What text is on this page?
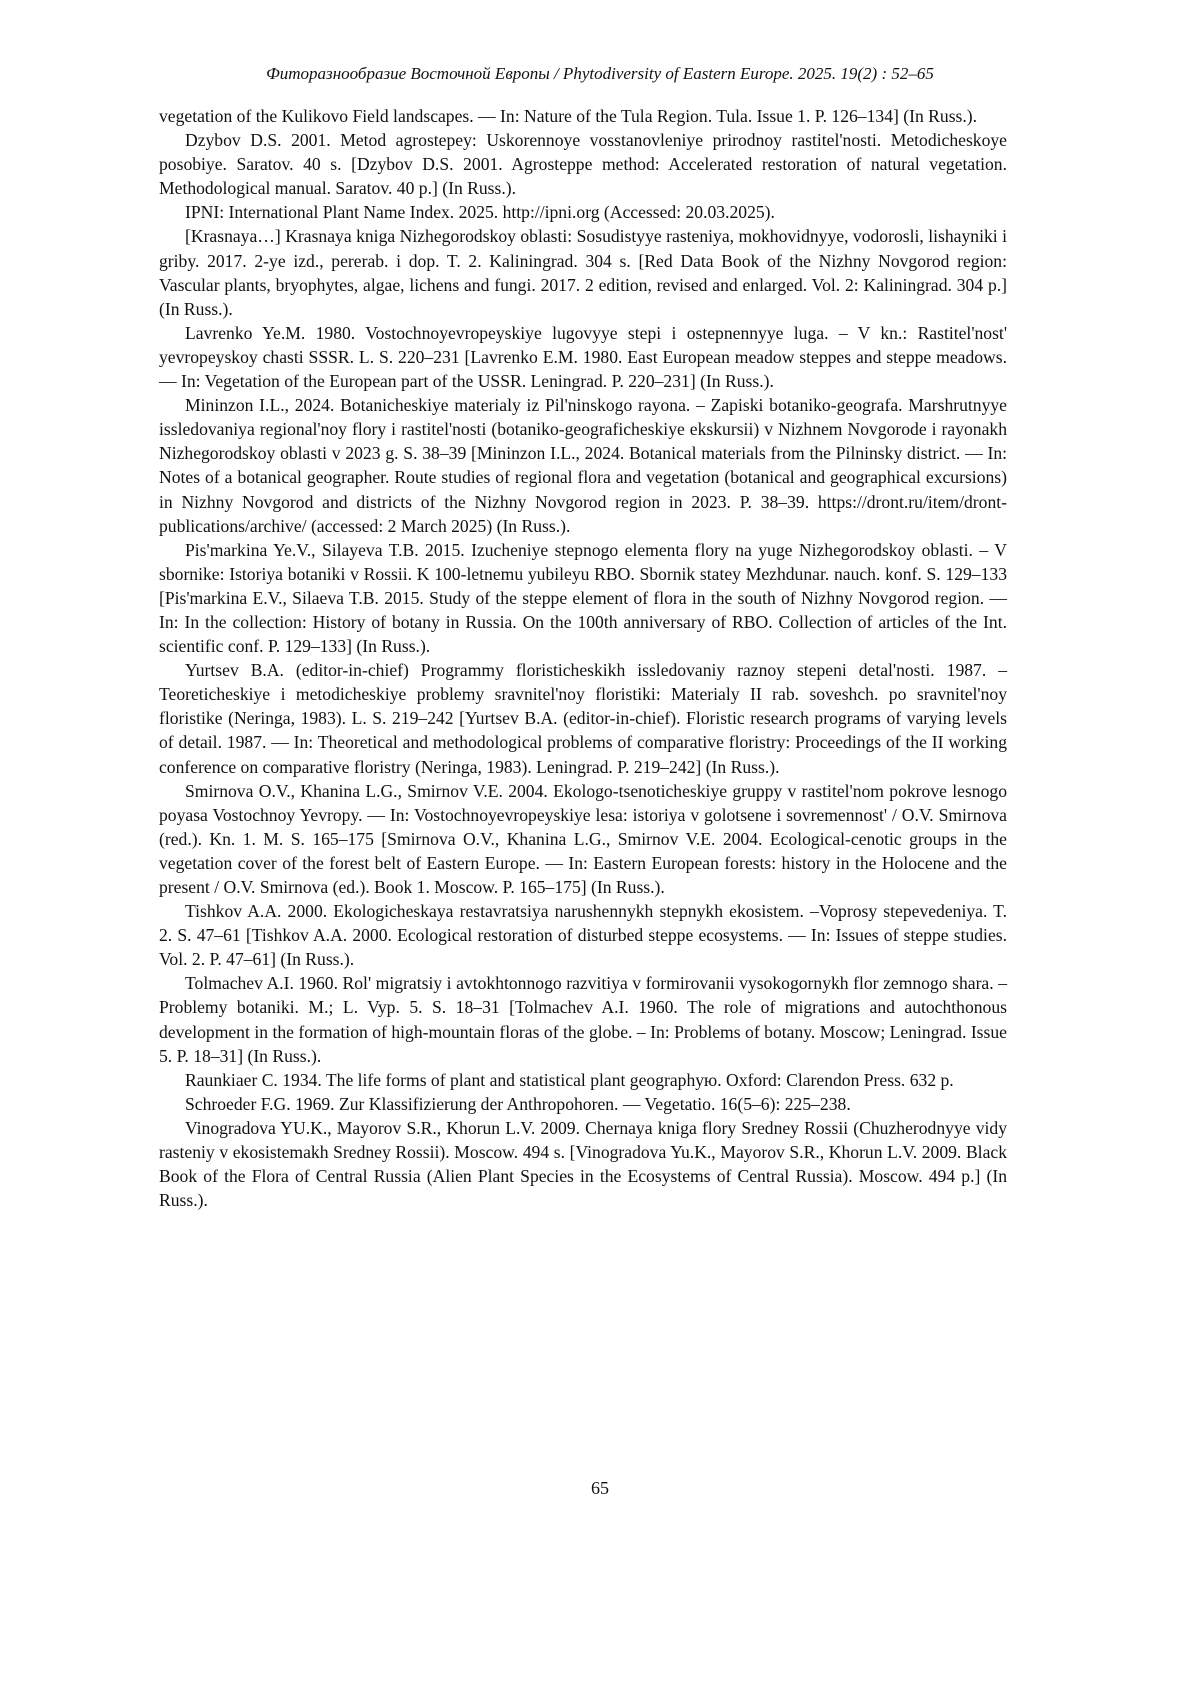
Фиторазнообразие Восточной Европы / Phytodiversity of Eastern Europe. 2025. 19(2) : 52–65

vegetation of the Kulikovo Field landscapes. — In: Nature of the Tula Region. Tula. Issue 1. P. 126–134] (In Russ.).

Dzybov D.S. 2001. Metod agrostepey: Uskorennoye vosstanovleniye prirodnoy rastitel'nosti. Metodicheskoye posobiye. Saratov. 40 s. [Dzybov D.S. 2001. Agrosteppe method: Accelerated restoration of natural vegetation. Methodological manual. Saratov. 40 p.] (In Russ.).

IPNI: International Plant Name Index. 2025. http://ipni.org (Accessed: 20.03.2025).

[Krasnaya…] Krasnaya kniga Nizhegorodskoy oblasti: Sosudistyye rasteniya, mokhovidnyye, vodorosli, lishayniki i griby. 2017. 2-ye izd., pererab. i dop. T. 2. Kaliningrad. 304 s. [Red Data Book of the Nizhny Novgorod region: Vascular plants, bryophytes, algae, lichens and fungi. 2017. 2 edition, revised and enlarged. Vol. 2: Kaliningrad. 304 p.] (In Russ.).

Lavrenko Ye.M. 1980. Vostochnoyevropeyskiye lugovyye stepi i ostepnennyye luga. – V kn.: Rastitel'nost' yevropeyskoy chasti SSSR. L. S. 220–231 [Lavrenko E.M. 1980. East European meadow steppes and steppe meadows. — In: Vegetation of the European part of the USSR. Leningrad. P. 220–231] (In Russ.).

Mininzon I.L., 2024. Botanicheskiye materialy iz Pil'ninskogo rayona. – Zapiski botaniko-geografa. Marshrutnyye issledovaniya regional'noy flory i rastitel'nosti (botaniko-geograficheskiye ekskursii) v Nizhnem Novgorode i rayonakh Nizhegorodskoy oblasti v 2023 g. S. 38–39 [Mininzon I.L., 2024. Botanical materials from the Pilninsky district. — In: Notes of a botanical geographer. Route studies of regional flora and vegetation (botanical and geographical excursions) in Nizhny Novgorod and districts of the Nizhny Novgorod region in 2023. P. 38–39. https://dront.ru/item/dront-publications/archive/ (accessed: 2 March 2025) (In Russ.).

Pis'markina Ye.V., Silayeva T.B. 2015. Izucheniye stepnogo elementa flory na yuge Nizhegorodskoy oblasti. – V sbornike: Istoriya botaniki v Rossii. K 100-letnemu yubileyu RBO. Sbornik statey Mezhdunar. nauch. konf. S. 129–133 [Pis'markina E.V., Silaeva T.B. 2015. Study of the steppe element of flora in the south of Nizhny Novgorod region. — In: In the collection: History of botany in Russia. On the 100th anniversary of RBO. Collection of articles of the Int. scientific conf. P. 129–133] (In Russ.).

Yurtsev B.A. (editor-in-chief) Programmy floristicheskikh issledovaniy raznoy stepeni detal'nosti. 1987. – Teoreticheskiye i metodicheskiye problemy sravnitel'noy floristiki: Materialy II rab. soveshch. po sravnitel'noy floristike (Neringa, 1983). L. S. 219–242 [Yurtsev B.A. (editor-in-chief). Floristic research programs of varying levels of detail. 1987. — In: Theoretical and methodological problems of comparative floristry: Proceedings of the II working conference on comparative floristry (Neringa, 1983). Leningrad. P. 219–242] (In Russ.).

Smirnova O.V., Khanina L.G., Smirnov V.E. 2004. Ekologo-tsenoticheskiye gruppy v rastitel'nom pokrove lesnogo poyasa Vostochnoy Yevropy. — In: Vostochnoyevropeyskiye lesa: istoriya v golotsene i sovremennost' / O.V. Smirnova (red.). Kn. 1. M. S. 165–175 [Smirnova O.V., Khanina L.G., Smirnov V.E. 2004. Ecological-cenotic groups in the vegetation cover of the forest belt of Eastern Europe. — In: Eastern European forests: history in the Holocene and the present / O.V. Smirnova (ed.). Book 1. Moscow. P. 165–175] (In Russ.).

Tishkov A.A. 2000. Ekologicheskaya restavratsiya narushennykh stepnykh ekosistem. –Voprosy stepevedeniya. T. 2. S. 47–61 [Tishkov A.A. 2000. Ecological restoration of disturbed steppe ecosystems. — In: Issues of steppe studies. Vol. 2. P. 47–61] (In Russ.).

Tolmachev A.I. 1960. Rol' migratsiy i avtokhtonnogo razvitiya v formirovanii vysokogornykh flor zemnogo shara. – Problemy botaniki. M.; L. Vyp. 5. S. 18–31 [Tolmachev A.I. 1960. The role of migrations and autochthonous development in the formation of high-mountain floras of the globe. – In: Problems of botany. Moscow; Leningrad. Issue 5. P. 18–31] (In Russ.).

Raunkiaer C. 1934. The life forms of plant and statistical plant geographyю. Oxford: Clarendon Press. 632 p.

Schroeder F.G. 1969. Zur Klassifizierung der Anthropohoren. — Vegetatio. 16(5–6): 225–238.

Vinogradova YU.K., Mayorov S.R., Khorun L.V. 2009. Chernaya kniga flory Sredney Rossii (Chuzherodnyye vidy rasteniy v ekosistemakh Sredney Rossii). Moscow. 494 s. [Vinogradova Yu.K., Mayorov S.R., Khorun L.V. 2009. Black Book of the Flora of Central Russia (Alien Plant Species in the Ecosystems of Central Russia). Moscow. 494 p.] (In Russ.).

65
